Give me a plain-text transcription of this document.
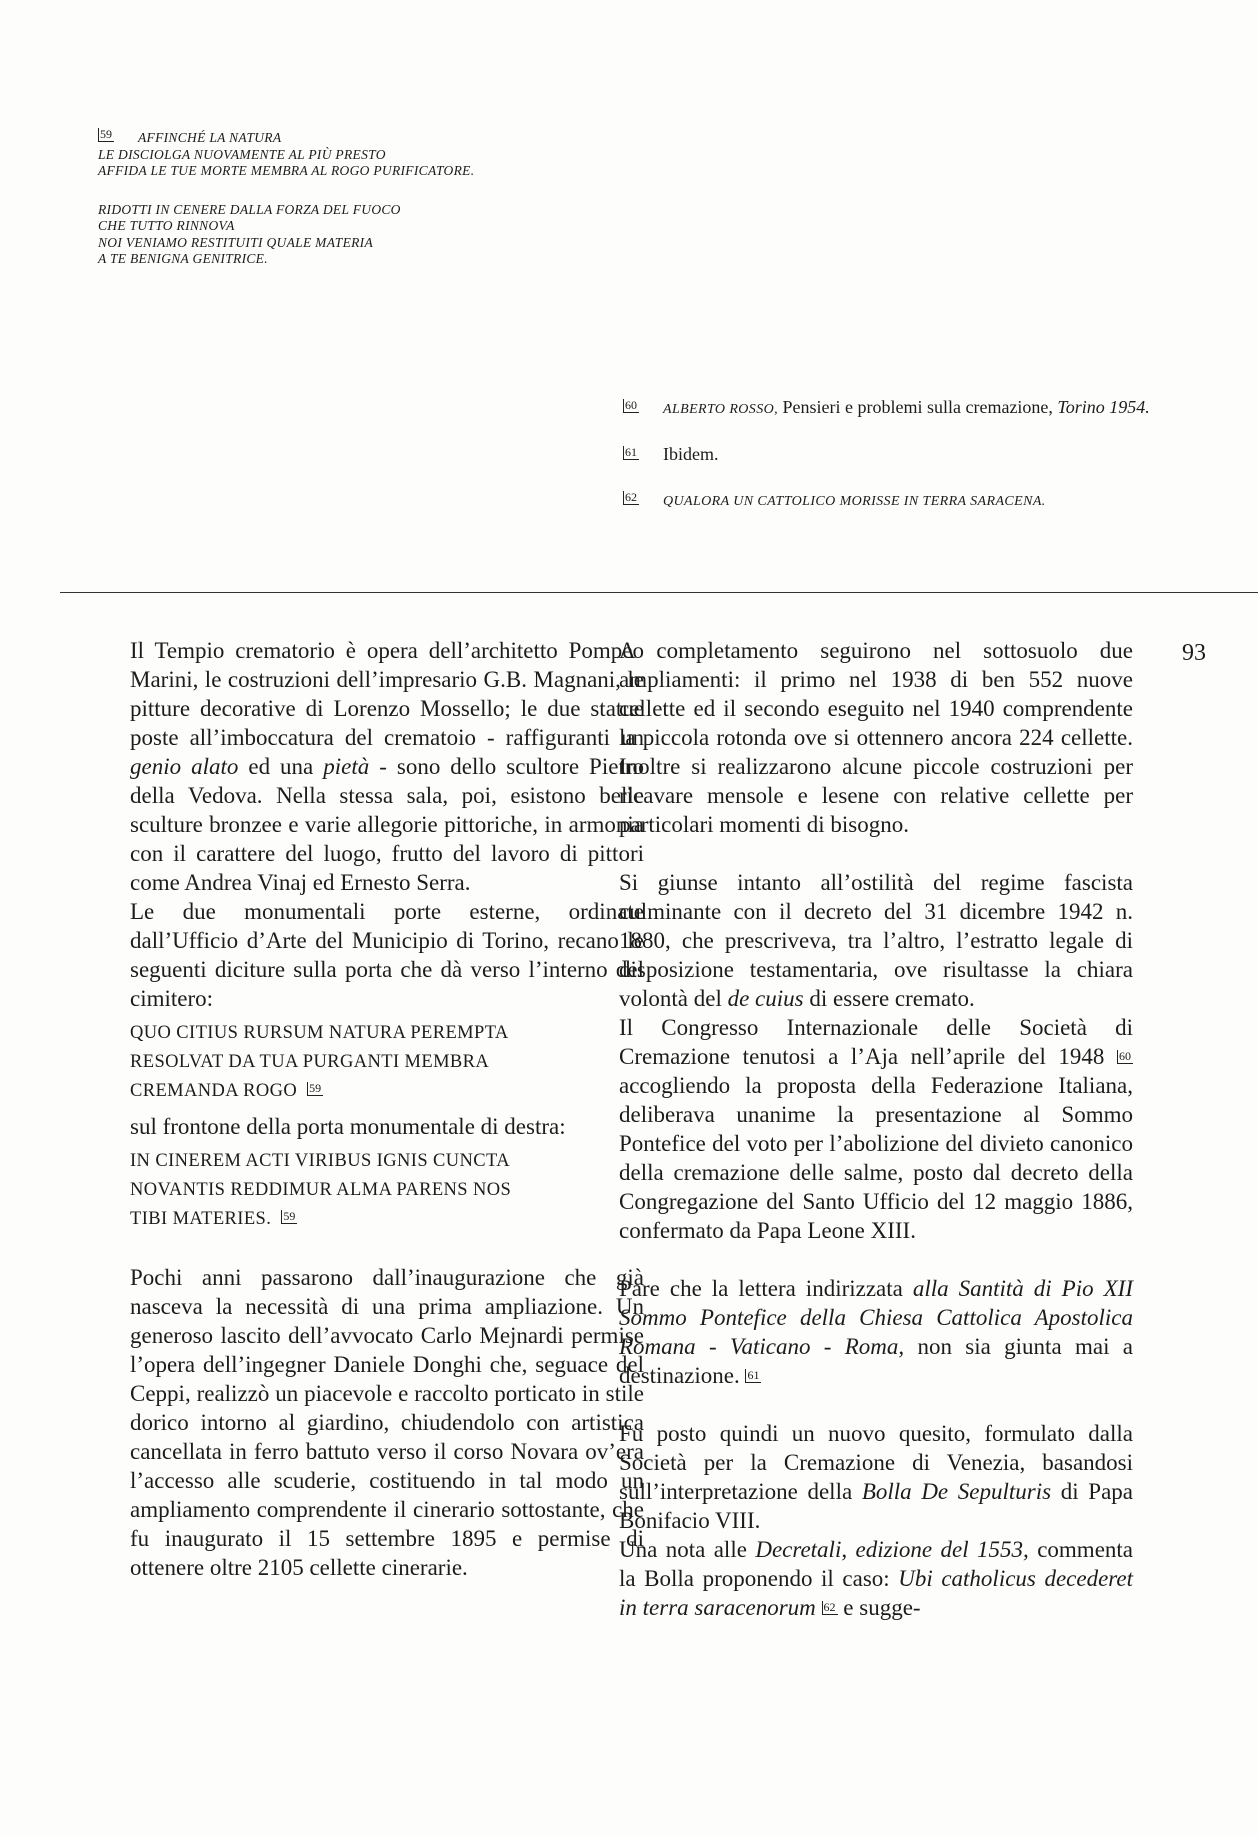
59 AFFINCHÉ LA NATURA

LE DISCIOLGA NUOVAMENTE AL PIÙ PRESTO

AFFIDA LE TUE MORTE MEMBRA AL ROGO PURIFICATORE.

RIDOTTI IN CENERE DALLA FORZA DEL FUOCO

CHE TUTTO RINNOVA

NOI VENIAMO RESTITUITI QUALE MATERIA

A TE BENIGNA GENITRICE.

60 ALBERTO ROSSO, Pensieri e problemi sulla cremazione, Torino 1954.

61 Ibidem.

62 QUALORA UN CATTOLICO MORISSE IN TERRA SARACENA.

93

Il Tempio crematorio è opera dell’architetto Pompeo Marini, le costruzioni dell’impresario G.B. Magnani, le pitture decorative di Lorenzo Mossello; le due statue poste all’imboccatura del crematoio - raffiguranti un genio alato ed una pietà - sono dello scultore Pietro della Vedova. Nella stessa sala, poi, esistono belle sculture bronzee e varie allegorie pittoriche, in armonia con il carattere del luogo, frutto del lavoro di pittori come Andrea Vinaj ed Ernesto Serra.

Le due monumentali porte esterne, ordinate dall’Ufficio d’Arte del Municipio di Torino, recano le seguenti diciture sulla porta che dà verso l’interno del cimitero:

QUO CITIUS RURSUM NATURA PEREMPTA
RESOLVAT DA TUA PURGANTI MEMBRA
CREMANDA ROGO 59

sul frontone della porta monumentale di destra:

IN CINEREM ACTI VIRIBUS IGNIS CUNCTA
NOVANTIS REDDIMUR ALMA PARENS NOS
TIBI MATERIES. 59

Pochi anni passarono dall’inaugurazione che già nasceva la necessità di una prima ampliazione. Un generoso lascito dell’avvocato Carlo Mejnardi permise l’opera dell’ingegner Daniele Donghi che, seguace del Ceppi, realizzò un piacevole e raccolto porticato in stile dorico intorno al giardino, chiudendolo con artistica cancellata in ferro battuto verso il corso Novara ov’era l’accesso alle scuderie, costituendo in tal modo un ampliamento comprendente il cinerario sottostante, che fu inaugurato il 15 settembre 1895 e permise di ottenere oltre 2105 cellette cinerarie.

A completamento seguirono nel sottosuolo due ampliamenti: il primo nel 1938 di ben 552 nuove cellette ed il secondo eseguito nel 1940 comprendente la piccola rotonda ove si ottennero ancora 224 cellette. Inoltre si realizzarono alcune piccole costruzioni per ricavare mensole e lesene con relative cellette per particolari momenti di bisogno.

Si giunse intanto all’ostilità del regime fascista culminante con il decreto del 31 dicembre 1942 n. 1880, che prescriveva, tra l’altro, l’estratto legale di disposizione testamentaria, ove risultasse la chiara volontà del de cuius di essere cremato.

Il Congresso Internazionale delle Società di Cremazione tenutosi a l’Aja nell’aprile del 1948 60 accogliendo la proposta della Federazione Italiana, deliberava unanime la presentazione al Sommo Pontefice del voto per l’abolizione del divieto canonico della cremazione delle salme, posto dal decreto della Congregazione del Santo Ufficio del 12 maggio 1886, confermato da Papa Leone XIII.

Pare che la lettera indirizzata alla Santità di Pio XII Sommo Pontefice della Chiesa Cattolica Apostolica Romana - Vaticano - Roma, non sia giunta mai a destinazione. 61

Fu posto quindi un nuovo quesito, formulato dalla Società per la Cremazione di Venezia, basandosi sull’interpretazione della Bolla De Sepulturis di Papa Bonifacio VIII.

Una nota alle Decretali, edizione del 1553, commenta la Bolla proponendo il caso: Ubi catholicus decederet in terra saracenorum 62 e sugge-
